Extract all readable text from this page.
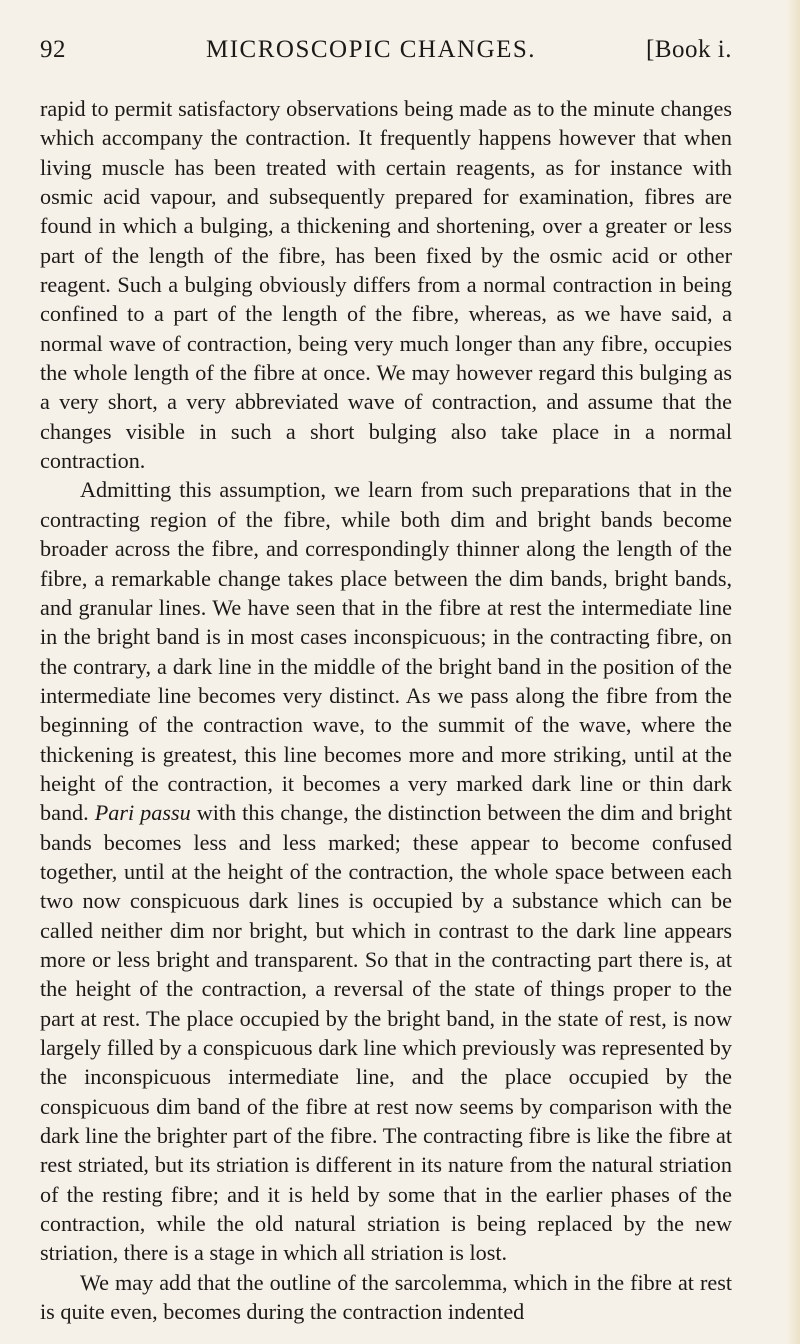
92	MICROSCOPIC CHANGES.	[Book i.

rapid to permit satisfactory observations being made as to the minute changes which accompany the contraction. It frequently happens however that when living muscle has been treated with certain reagents, as for instance with osmic acid vapour, and subsequently prepared for examination, fibres are found in which a bulging, a thickening and shortening, over a greater or less part of the length of the fibre, has been fixed by the osmic acid or other reagent. Such a bulging obviously differs from a normal contraction in being confined to a part of the length of the fibre, whereas, as we have said, a normal wave of contraction, being very much longer than any fibre, occupies the whole length of the fibre at once. We may however regard this bulging as a very short, a very abbreviated wave of contraction, and assume that the changes visible in such a short bulging also take place in a normal contraction.

Admitting this assumption, we learn from such preparations that in the contracting region of the fibre, while both dim and bright bands become broader across the fibre, and correspondingly thinner along the length of the fibre, a remarkable change takes place between the dim bands, bright bands, and granular lines. We have seen that in the fibre at rest the intermediate line in the bright band is in most cases inconspicuous; in the contracting fibre, on the contrary, a dark line in the middle of the bright band in the position of the intermediate line becomes very distinct. As we pass along the fibre from the beginning of the contraction wave, to the summit of the wave, where the thickening is greatest, this line becomes more and more striking, until at the height of the contraction, it becomes a very marked dark line or thin dark band. Pari passu with this change, the distinction between the dim and bright bands becomes less and less marked; these appear to become confused together, until at the height of the contraction, the whole space between each two now conspicuous dark lines is occupied by a substance which can be called neither dim nor bright, but which in contrast to the dark line appears more or less bright and transparent. So that in the contracting part there is, at the height of the contraction, a reversal of the state of things proper to the part at rest. The place occupied by the bright band, in the state of rest, is now largely filled by a conspicuous dark line which previously was represented by the inconspicuous intermediate line, and the place occupied by the conspicuous dim band of the fibre at rest now seems by comparison with the dark line the brighter part of the fibre. The contracting fibre is like the fibre at rest striated, but its striation is different in its nature from the natural striation of the resting fibre; and it is held by some that in the earlier phases of the contraction, while the old natural striation is being replaced by the new striation, there is a stage in which all striation is lost.

We may add that the outline of the sarcolemma, which in the fibre at rest is quite even, becomes during the contraction indented
